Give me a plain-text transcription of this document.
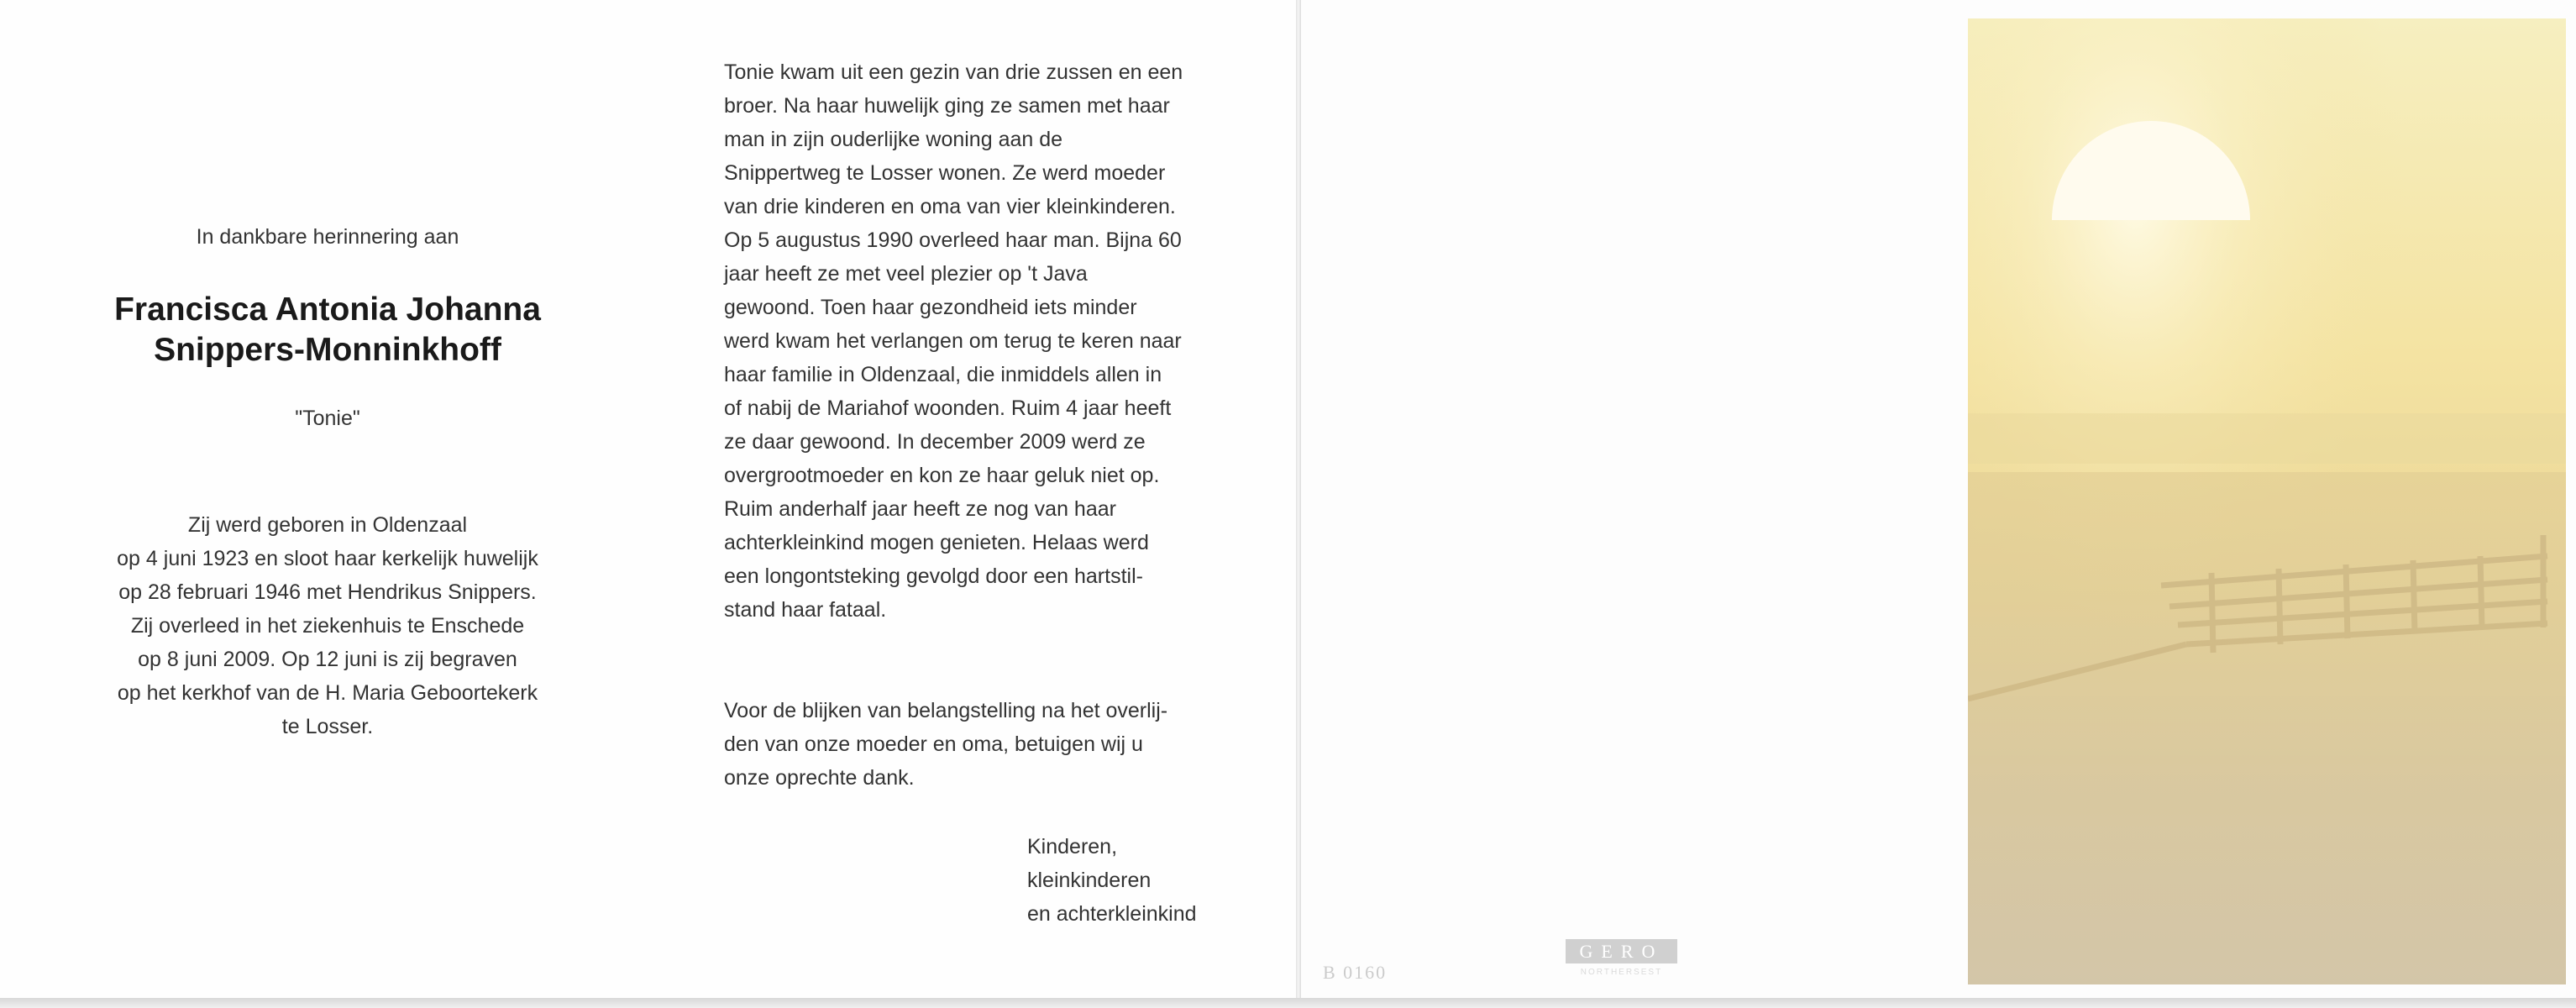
In dankbare herinnering aan
Francisca Antonia Johanna
Snippers-Monninkhoff
"Tonie"
Zij werd geboren in Oldenzaal
op 4 juni 1923 en sloot haar kerkelijk huwelijk
op 28 februari 1946 met Hendrikus Snippers.
Zij overleed in het ziekenhuis te Enschede
op 8 juni 2009. Op 12 juni is zij begraven
op het kerkhof van de H. Maria Geboortekerk
te Losser.
Tonie kwam uit een gezin van drie zussen en een
broer. Na haar huwelijk ging ze samen met haar
man in zijn ouderlijke woning aan de
Snippertweg te Losser wonen. Ze werd moeder
van drie kinderen en oma van vier kleinkinderen.
Op 5 augustus 1990 overleed haar man. Bijna 60
jaar heeft ze met veel plezier op 't Java
gewoond. Toen haar gezondheid iets minder
werd kwam het verlangen om terug te keren naar
haar familie in Oldenzaal, die inmiddels allen in
of nabij de Mariahof woonden. Ruim 4 jaar heeft
ze daar gewoond. In december 2009 werd ze
overgrootmoeder en kon ze haar geluk niet op.
Ruim anderhalf jaar heeft ze nog van haar
achterkleinkind mogen genieten. Helaas werd
een longontsteking gevolgd door een hartstil-
stand haar fataal.
Voor de blijken van belangstelling na het overlij-
den van onze moeder en oma, betuigen wij u
onze oprechte dank.
Kinderen,
kleinkinderen
en achterkleinkind
B 0160
GERO
NORTHERSEST
